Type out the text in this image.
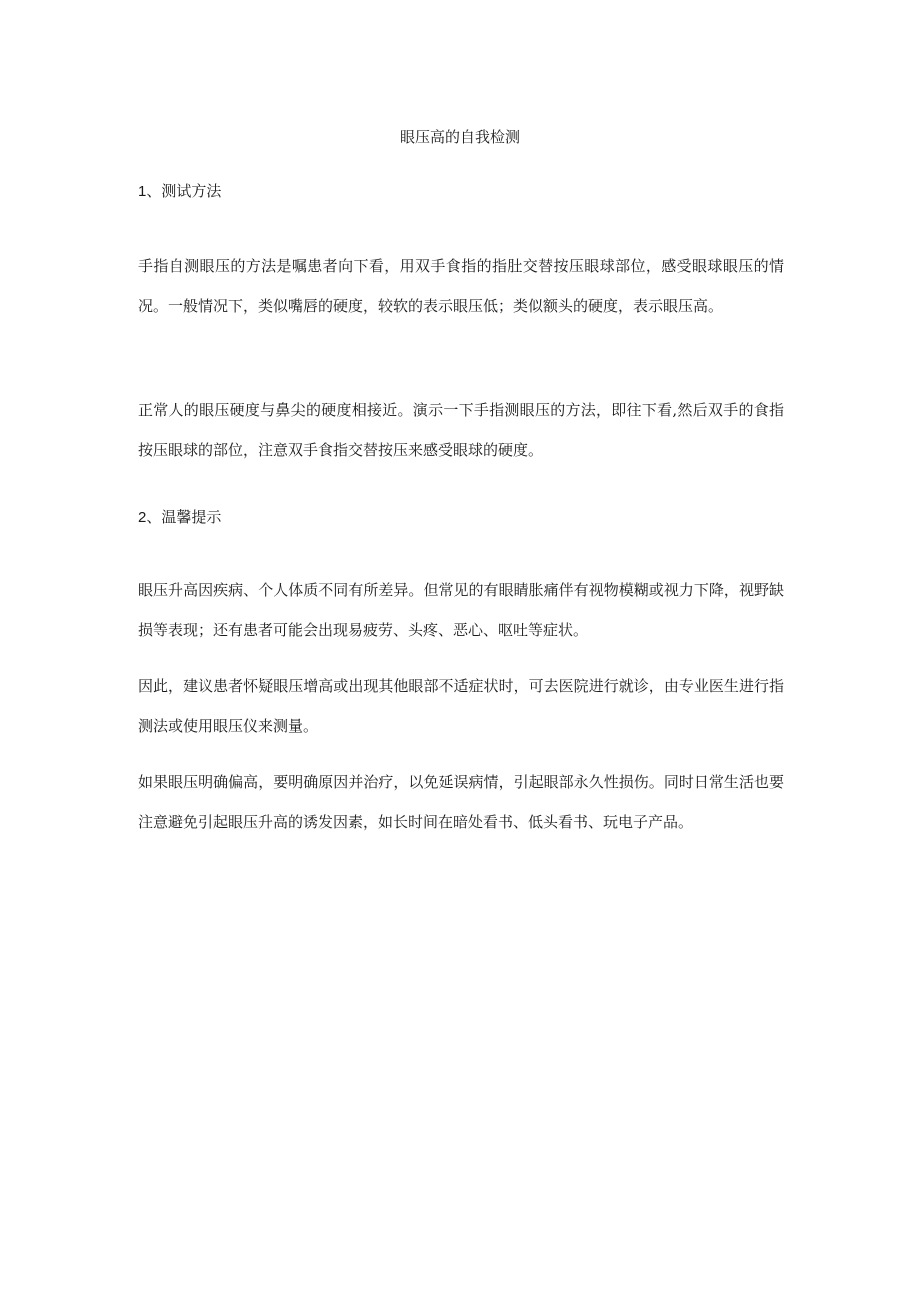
眼压高的自我检测
1、测试方法

手指自测眼压的方法是嘱患者向下看，用双手食指的指肚交替按压眼球部位，感受眼球眼压的情况。一般情况下，类似嘴唇的硬度，较软的表示眼压低；类似额头的硬度，表示眼压高。

正常人的眼压硬度与鼻尖的硬度相接近。演示一下手指测眼压的方法，即往下看,然后双手的食指按压眼球的部位，注意双手食指交替按压来感受眼球的硬度。

2、温馨提示

眼压升高因疾病、个人体质不同有所差异。但常见的有眼睛胀痛伴有视物模糊或视力下降，视野缺损等表现；还有患者可能会出现易疲劳、头疼、恶心、呕吐等症状。

因此，建议患者怀疑眼压增高或出现其他眼部不适症状时，可去医院进行就诊，由专业医生进行指测法或使用眼压仪来测量。

如果眼压明确偏高，要明确原因并治疗，以免延误病情，引起眼部永久性损伤。同时日常生活也要注意避免引起眼压升高的诱发因素，如长时间在暗处看书、低头看书、玩电子产品。
